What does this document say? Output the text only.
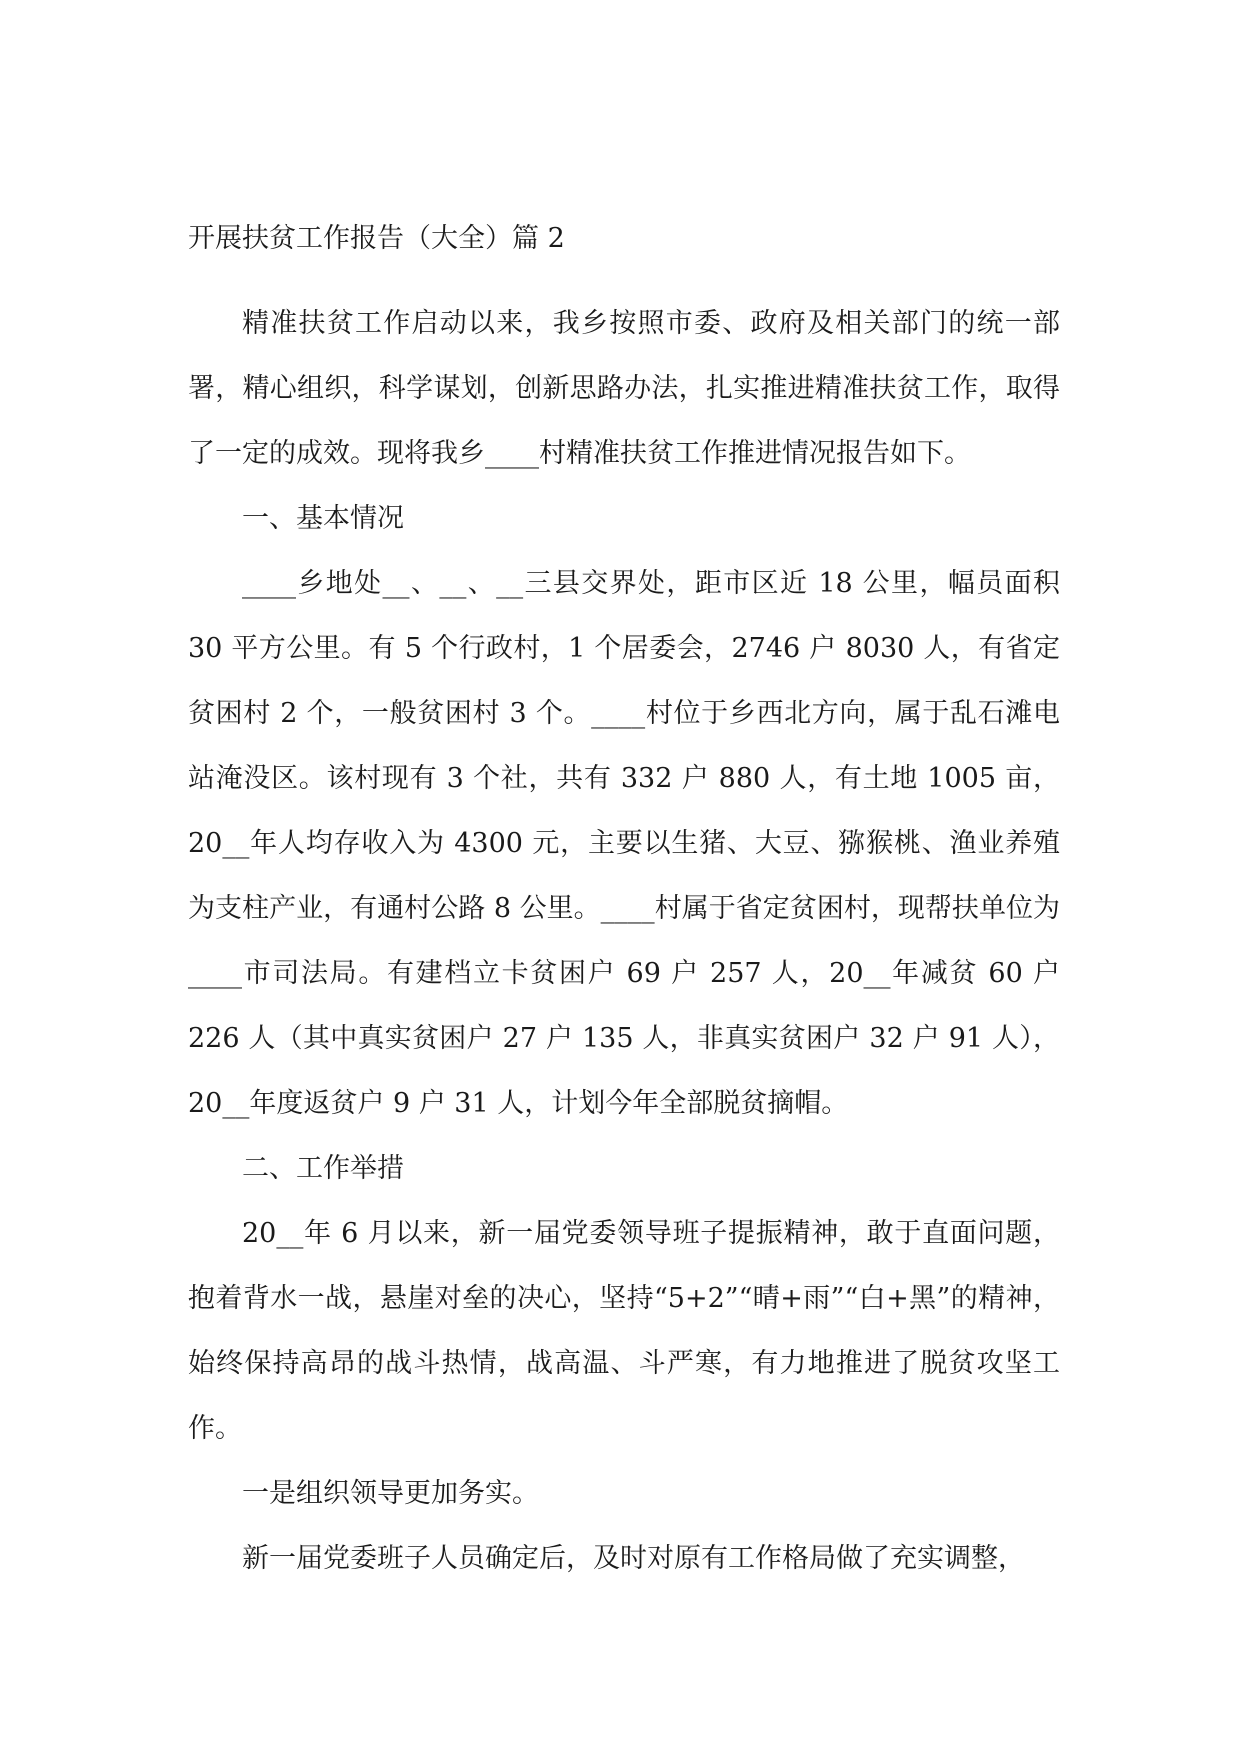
开展扶贫工作报告（大全）篇 2

精准扶贫工作启动以来，我乡按照市委、政府及相关部门的统一部署，精心组织，科学谋划，创新思路办法，扎实推进精准扶贫工作，取得了一定的成效。现将我乡____村精准扶贫工作推进情况报告如下。

一、基本情况

____乡地处__、__、__三县交界处，距市区近 18 公里，幅员面积 30 平方公里。有 5 个行政村，1 个居委会，2746 户 8030 人，有省定贫困村 2 个，一般贫困村 3 个。____村位于乡西北方向，属于乱石滩电站淹没区。该村现有 3 个社，共有 332 户 880 人，有土地 1005 亩，20__年人均存收入为 4300 元，主要以生猪、大豆、猕猴桃、渔业养殖为支柱产业，有通村公路 8 公里。____村属于省定贫困村，现帮扶单位为____市司法局。有建档立卡贫困户 69 户 257 人，20__年减贫 60 户 226 人（其中真实贫困户 27 户 135 人，非真实贫困户 32 户 91 人），20__年度返贫户 9 户 31 人，计划今年全部脱贫摘帽。

二、工作举措

20__年 6 月以来，新一届党委领导班子提振精神，敢于直面问题，抱着背水一战，悬崖对垒的决心，坚持“5+2”“晴+雨”“白+黑”的精神，始终保持高昂的战斗热情，战高温、斗严寒，有力地推进了脱贫攻坚工作。

一是组织领导更加务实。

新一届党委班子人员确定后，及时对原有工作格局做了充实调整，
